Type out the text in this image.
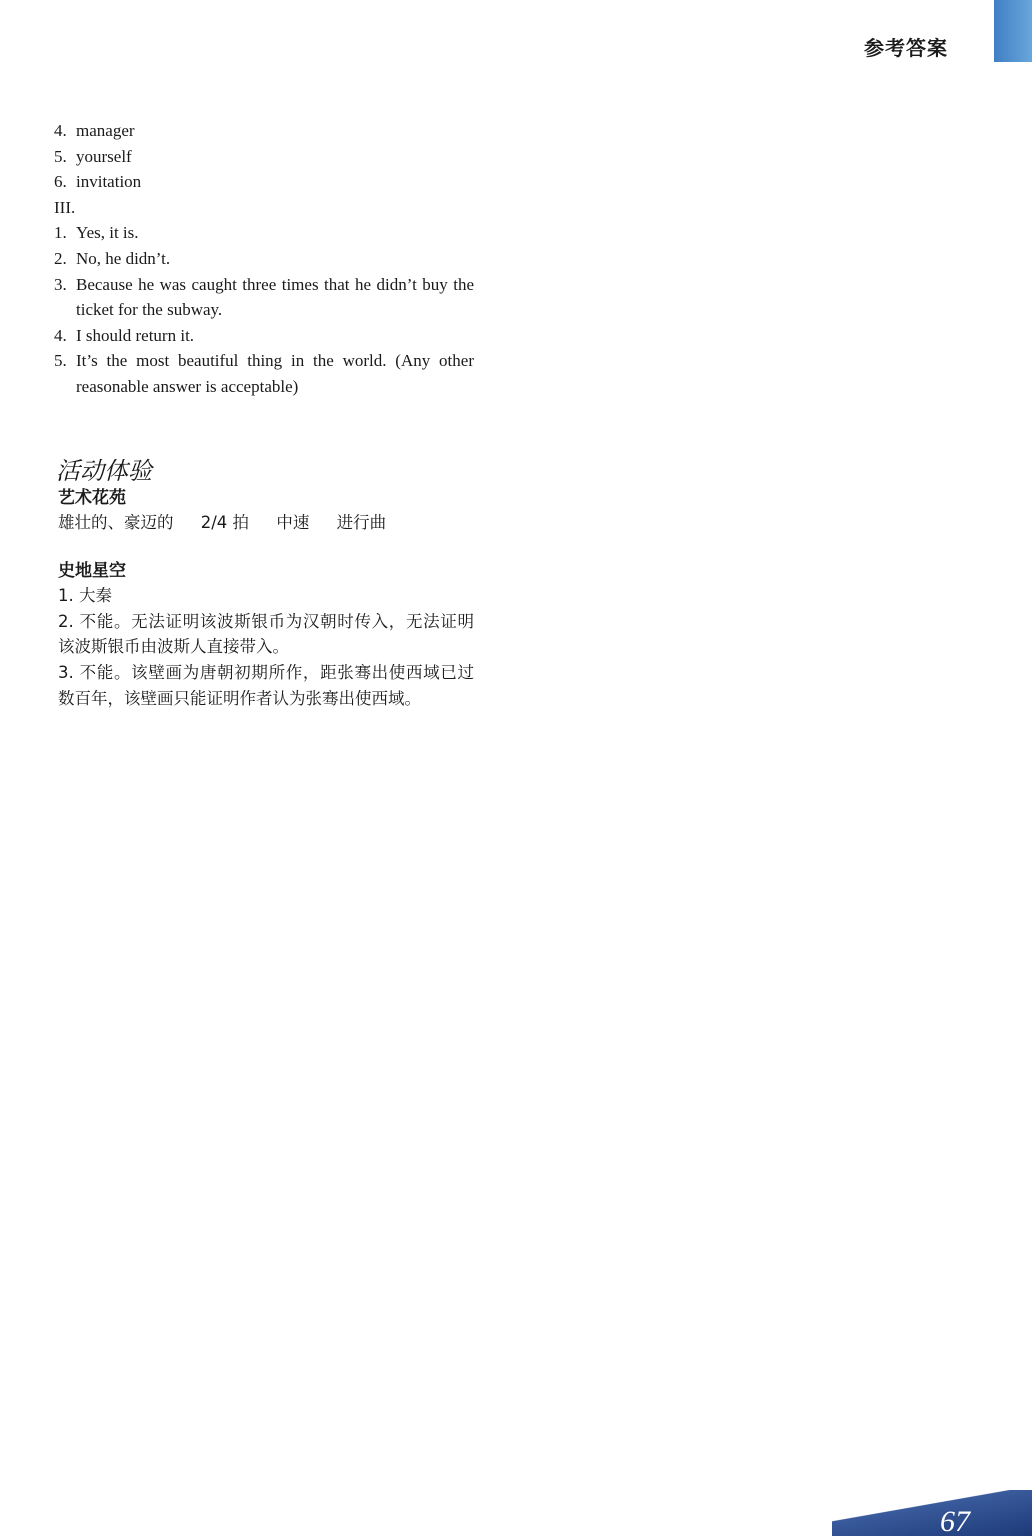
参考答案
4. manager
5. yourself
6. invitation
III.
1. Yes, it is.
2. No, he didn’t.
3. Because he was caught three times that he didn’t buy the ticket for the subway.
4. I should return it.
5. It’s the most beautiful thing in the world. (Any other reasonable answer is acceptable)
活动体验
艺术花苑
雄壮的、豪迈的 2/4 拍 中速 进行曲
史地星空
1. 大秦
2. 不能。无法证明该波斯银币为汉朝时传入，无法证明该波斯银币由波斯人直接带入。
3. 不能。该壁画为唐朝初期所作，距张骞出使西域已过数百年，该壁画只能证明作者认为张骞出使西域。
67
